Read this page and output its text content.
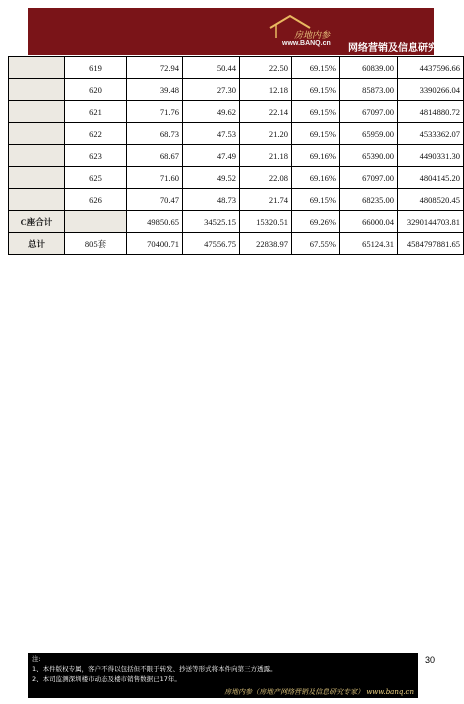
房地内参
www.BANQ.cn 网络营销及信息研究专家
	619	72.94	50.44	22.50	69.15%	60839.00	4437596.66
	620	39.48	27.30	12.18	69.15%	85873.00	3390266.04
	621	71.76	49.62	22.14	69.15%	67097.00	4814880.72
	622	68.73	47.53	21.20	69.15%	65959.00	4533362.07
	623	68.67	47.49	21.18	69.16%	65390.00	4490331.30
	625	71.60	49.52	22.08	69.16%	67097.00	4804145.20
	626	70.47	48.73	21.74	69.15%	68235.00	4808520.45
C座合计		49850.65	34525.15	15320.51	69.26%	66000.04	3290144703.81
总计	805套	70400.71	47556.75	22838.97	67.55%	65124.31	4584797881.65
注:
1、本件版权专属，客户不得以包括但不限于转发、抄送等形式将本件向第三方透露。
2、本司监测深圳楼市动态及楼市销售数据已17年。
房地内参（房地产网络营销及信息研究专家） www.banq.cn
30
